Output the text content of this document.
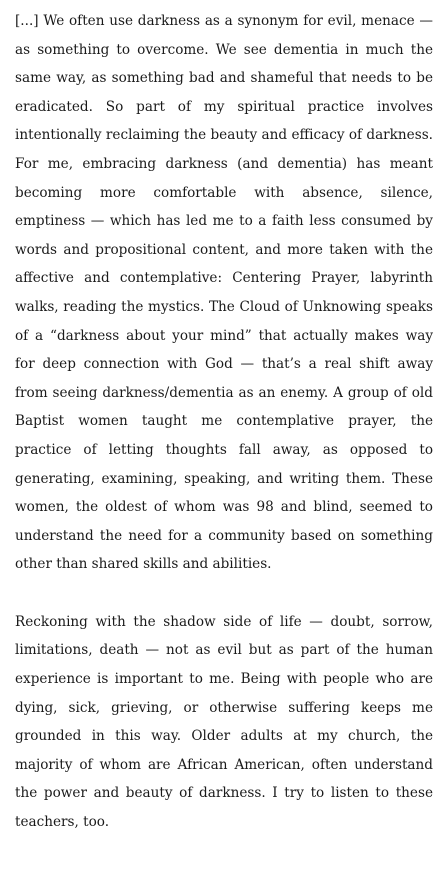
[...] We often use darkness as a synonym for evil, menace — as something to overcome. We see dementia in much the same way, as something bad and shameful that needs to be eradicated. So part of my spiritual practice involves intentionally reclaiming the beauty and efficacy of darkness. For me, embracing darkness (and dementia) has meant becoming more comfortable with absence, silence, emptiness — which has led me to a faith less consumed by words and propositional content, and more taken with the affective and contemplative: Centering Prayer, labyrinth walks, reading the mystics. The Cloud of Unknowing speaks of a “darkness about your mind” that actually makes way for deep connection with God — that’s a real shift away from seeing darkness/dementia as an enemy. A group of old Baptist women taught me contemplative prayer, the practice of letting thoughts fall away, as opposed to generating, examining, speaking, and writing them. These women, the oldest of whom was 98 and blind, seemed to understand the need for a community based on something other than shared skills and abilities.

Reckoning with the shadow side of life — doubt, sorrow, limitations, death — not as evil but as part of the human experience is important to me. Being with people who are dying, sick, grieving, or otherwise suffering keeps me grounded in this way. Older adults at my church, the majority of whom are African American, often understand the power and beauty of darkness. I try to listen to these teachers, too.
